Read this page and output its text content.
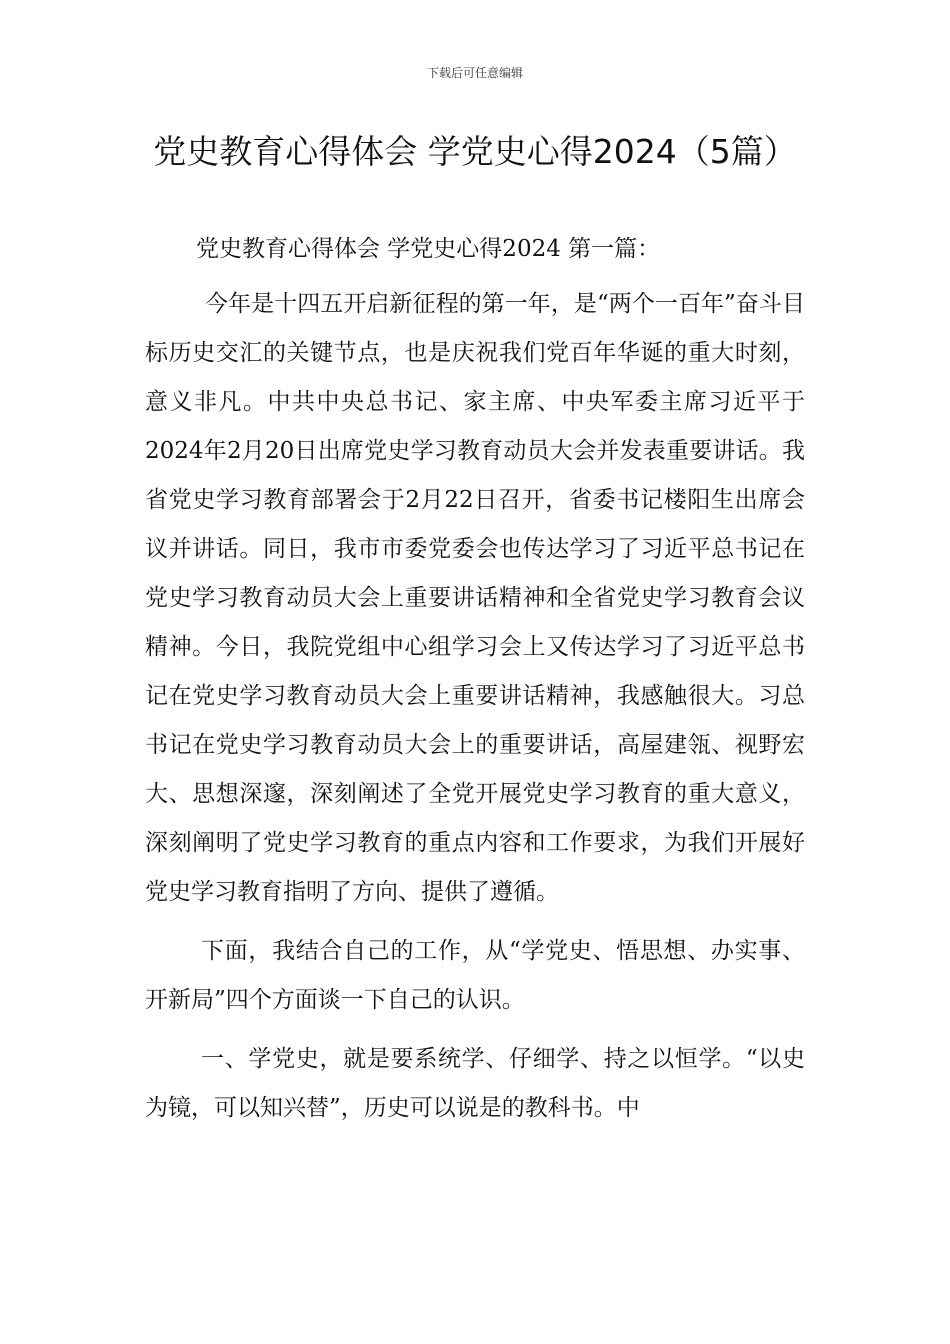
下载后可任意编辑
党史教育心得体会 学党史心得2024（5篇）
党史教育心得体会 学党史心得2024 第一篇：

今年是十四五开启新征程的第一年，是“两个一百年”奋斗目标历史交汇的关键节点，也是庆祝我们党百年华诞的重大时刻，意义非凡。中共中央总书记、家主席、中央军委主席习近平于2024年2月20日出席党史学习教育动员大会并发表重要讲话。我省党史学习教育部署会于2月22日召开，省委书记楼阳生出席会议并讲话。同日，我市市委党委会也传达学习了习近平总书记在党史学习教育动员大会上重要讲话精神和全省党史学习教育会议精神。今日，我院党组中心组学习会上又传达学习了习近平总书记在党史学习教育动员大会上重要讲话精神，我感触很大。习总书记在党史学习教育动员大会上的重要讲话，高屋建瓴、视野宏大、思想深邃，深刻阐述了全党开展党史学习教育的重大意义，深刻阐明了党史学习教育的重点内容和工作要求，为我们开展好党史学习教育指明了方向、提供了遵循。

下面，我结合自己的工作，从“学党史、悟思想、办实事、开新局”四个方面谈一下自己的认识。

一、学党史，就是要系统学、仔细学、持之以恒学。“以史为镜，可以知兴替”，历史可以说是的教科书。中
